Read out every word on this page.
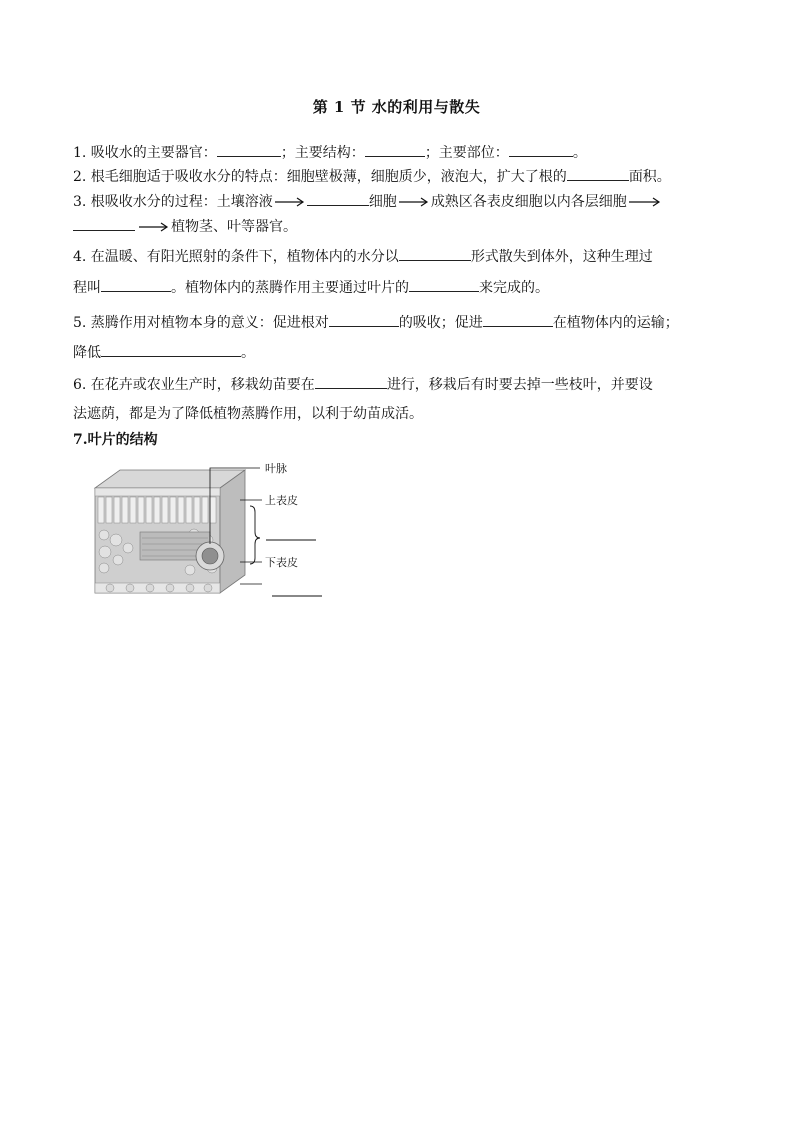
第 1 节 水的利用与散失
1. 吸收水的主要器官：	；主要结构：	；主要部位：	。
2. 根毛细胞适于吸收水分的特点：细胞壁极薄，细胞质少，液泡大，扩大了根的	面积。
3. 根吸收水分的过程：土壤溶液	细胞 成熟区各表皮细胞以内各层细胞
植物茎、叶等器官。
4. 在温暖、有阳光照射的条件下，植物体内的水分以	形式散失到体外，这种生理过
程叫	。植物体内的蒸腾作用主要通过叶片的	来完成的。
5. 蒸腾作用对植物本身的意义：促进根对	的吸收；促进	在植物体内的运输；
降低	。
6. 在花卉或农业生产时，移栽幼苗要在	进行，移栽后有时要去掉一些枝叶，并要设
法遮荫，都是为了降低植物蒸腾作用，以利于幼苗成活。
7.叶片的结构
叶脉
上表皮
下表皮
